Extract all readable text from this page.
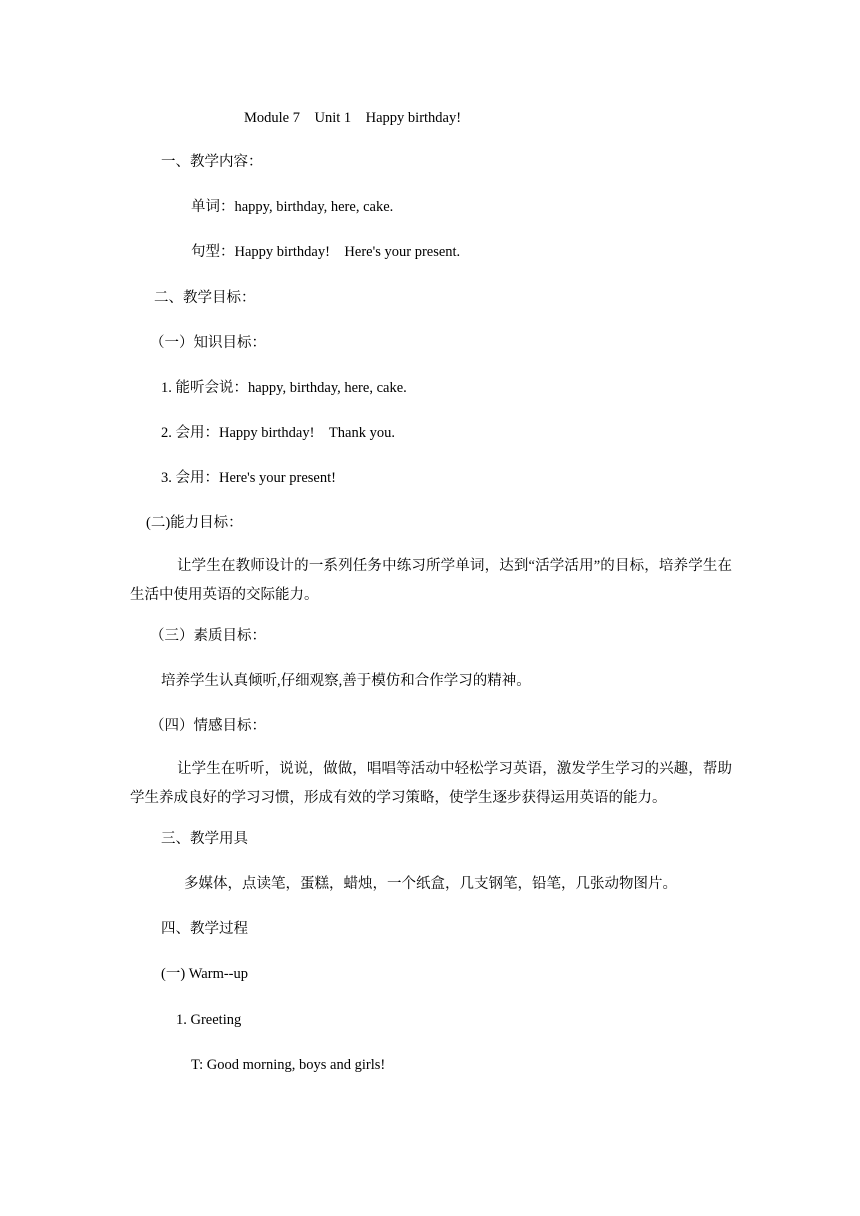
Module 7　Unit 1　Happy birthday!

一、教学内容：

单词：happy, birthday, here, cake.

句型：Happy birthday!　Here's your present.

二、教学目标：

（一）知识目标：

1. 能听会说：happy, birthday, here, cake.

2. 会用：Happy birthday!　Thank you.

3. 会用：Here's your present!

(二)能力目标：

让学生在教师设计的一系列任务中练习所学单词，达到“活学活用”的目标，培养学生在生活中使用英语的交际能力。

（三）素质目标：

培养学生认真倾听,仔细观察,善于模仿和合作学习的精神。

（四）情感目标：

让学生在听听，说说，做做，唱唱等活动中轻松学习英语，激发学生学习的兴趣，帮助学生养成良好的学习习惯，形成有效的学习策略，使学生逐步获得运用英语的能力。

三、教学用具

多媒体，点读笔，蛋糕，蜡烛，一个纸盒，几支钢笔，铅笔，几张动物图片。

四、教学过程

(一) Warm--up

1. Greeting

T: Good morning, boys and girls!
